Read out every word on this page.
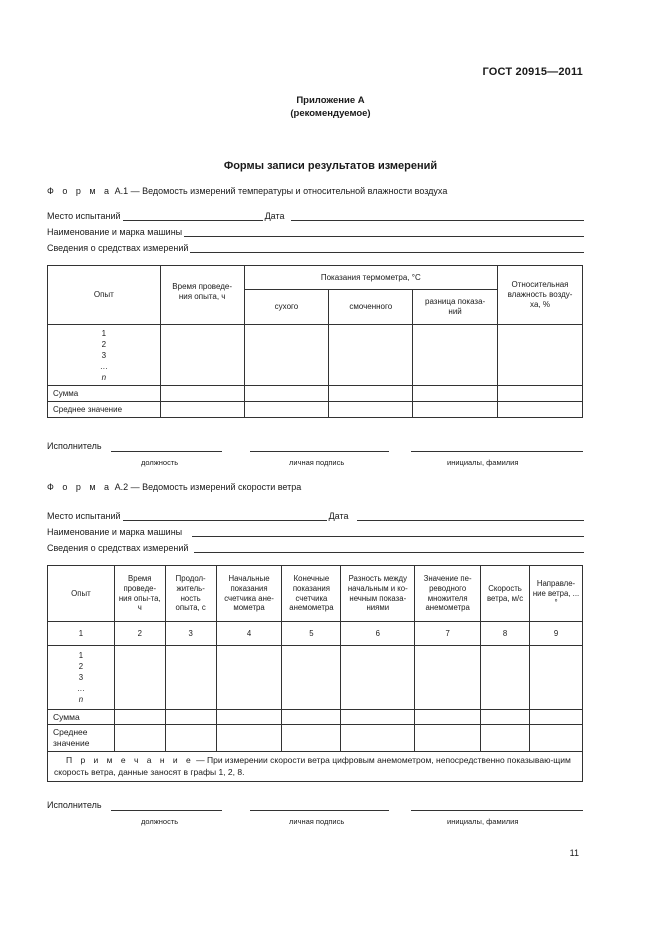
ГОСТ 20915—2011
Приложение А
(рекомендуемое)
Формы записи результатов измерений
Ф о р м а А.1 — Ведомость измерений температуры и относительной влажности воздуха
Место испытаний	Дата
Наименование и марка машины
Сведения о средствах измерений
Опыт	Время проведе-ния опыта, ч	Показания термометра, °С			Относительная влажность возду-ха, %
		сухого	смоченного	разница показа-ний	

1
2
3
…
n					

Сумма					
Среднее значение					
Исполнитель
должность	личная подпись	инициалы, фамилия
Ф о р м а А.2 — Ведомость измерений скорости ветра
Место испытаний	Дата
Наименование и марка машины
Сведения о средствах измерений
Опыт	Время проведе-ния опы-та, ч	Продол-житель-ность опыта, с	Начальные показания счетчика ане-мометра	Конечные показания счетчика анемометра	Разность между начальным и ко-нечным показа-ниями	Значение пе-реводного множителя анемометра	Скорость ветра, м/с	Направле-ние ветра, ...°
1	2	3	4	5	6	7	8	9

1
2
3
…
n								

Сумма								
Среднее значение								
П р и м е ч а н и е — При измерении скорости ветра цифровым анемометром, непосредственно показываю-щим скорость ветра, данные заносят в графы 1, 2, 8.								
Исполнитель
должность	личная подпись	инициалы, фамилия
11
